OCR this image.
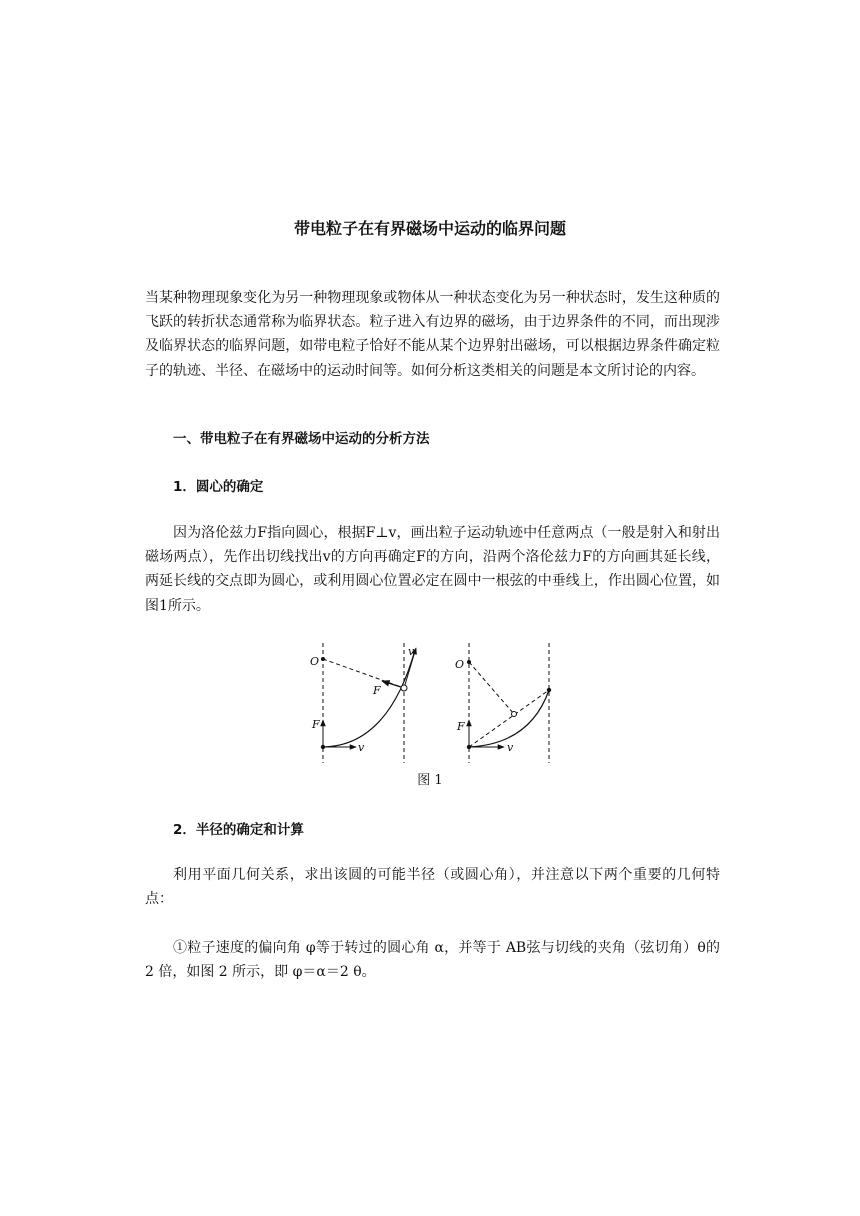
带电粒子在有界磁场中运动的临界问题

当某种物理现象变化为另一种物理现象或物体从一种状态变化为另一种状态时，发生这种质的飞跃的转折状态通常称为临界状态。粒子进入有边界的磁场，由于边界条件的不同，而出现涉及临界状态的临界问题，如带电粒子恰好不能从某个边界射出磁场，可以根据边界条件确定粒子的轨迹、半径、在磁场中的运动时间等。如何分析这类相关的问题是本文所讨论的内容。

一、带电粒子在有界磁场中运动的分析方法

1．圆心的确定

因为洛伦兹力F指向圆心，根据F⊥v，画出粒子运动轨迹中任意两点（一般是射入和射出磁场两点），先作出切线找出v的方向再确定F的方向，沿两个洛伦兹力F的方向画其延长线，两延长线的交点即为圆心，或利用圆心位置必定在圆中一根弦的中垂线上，作出圆心位置，如图1所示。

O
F
v
F
v
O
F
v
图 1

2．半径的确定和计算

利用平面几何关系，求出该圆的可能半径（或圆心角），并注意以下两个重要的几何特点：

①粒子速度的偏向角 φ等于转过的圆心角 α，并等于 AB弦与切线的夹角（弦切角）θ的 2 倍，如图 2 所示，即 φ＝α＝2 θ。
